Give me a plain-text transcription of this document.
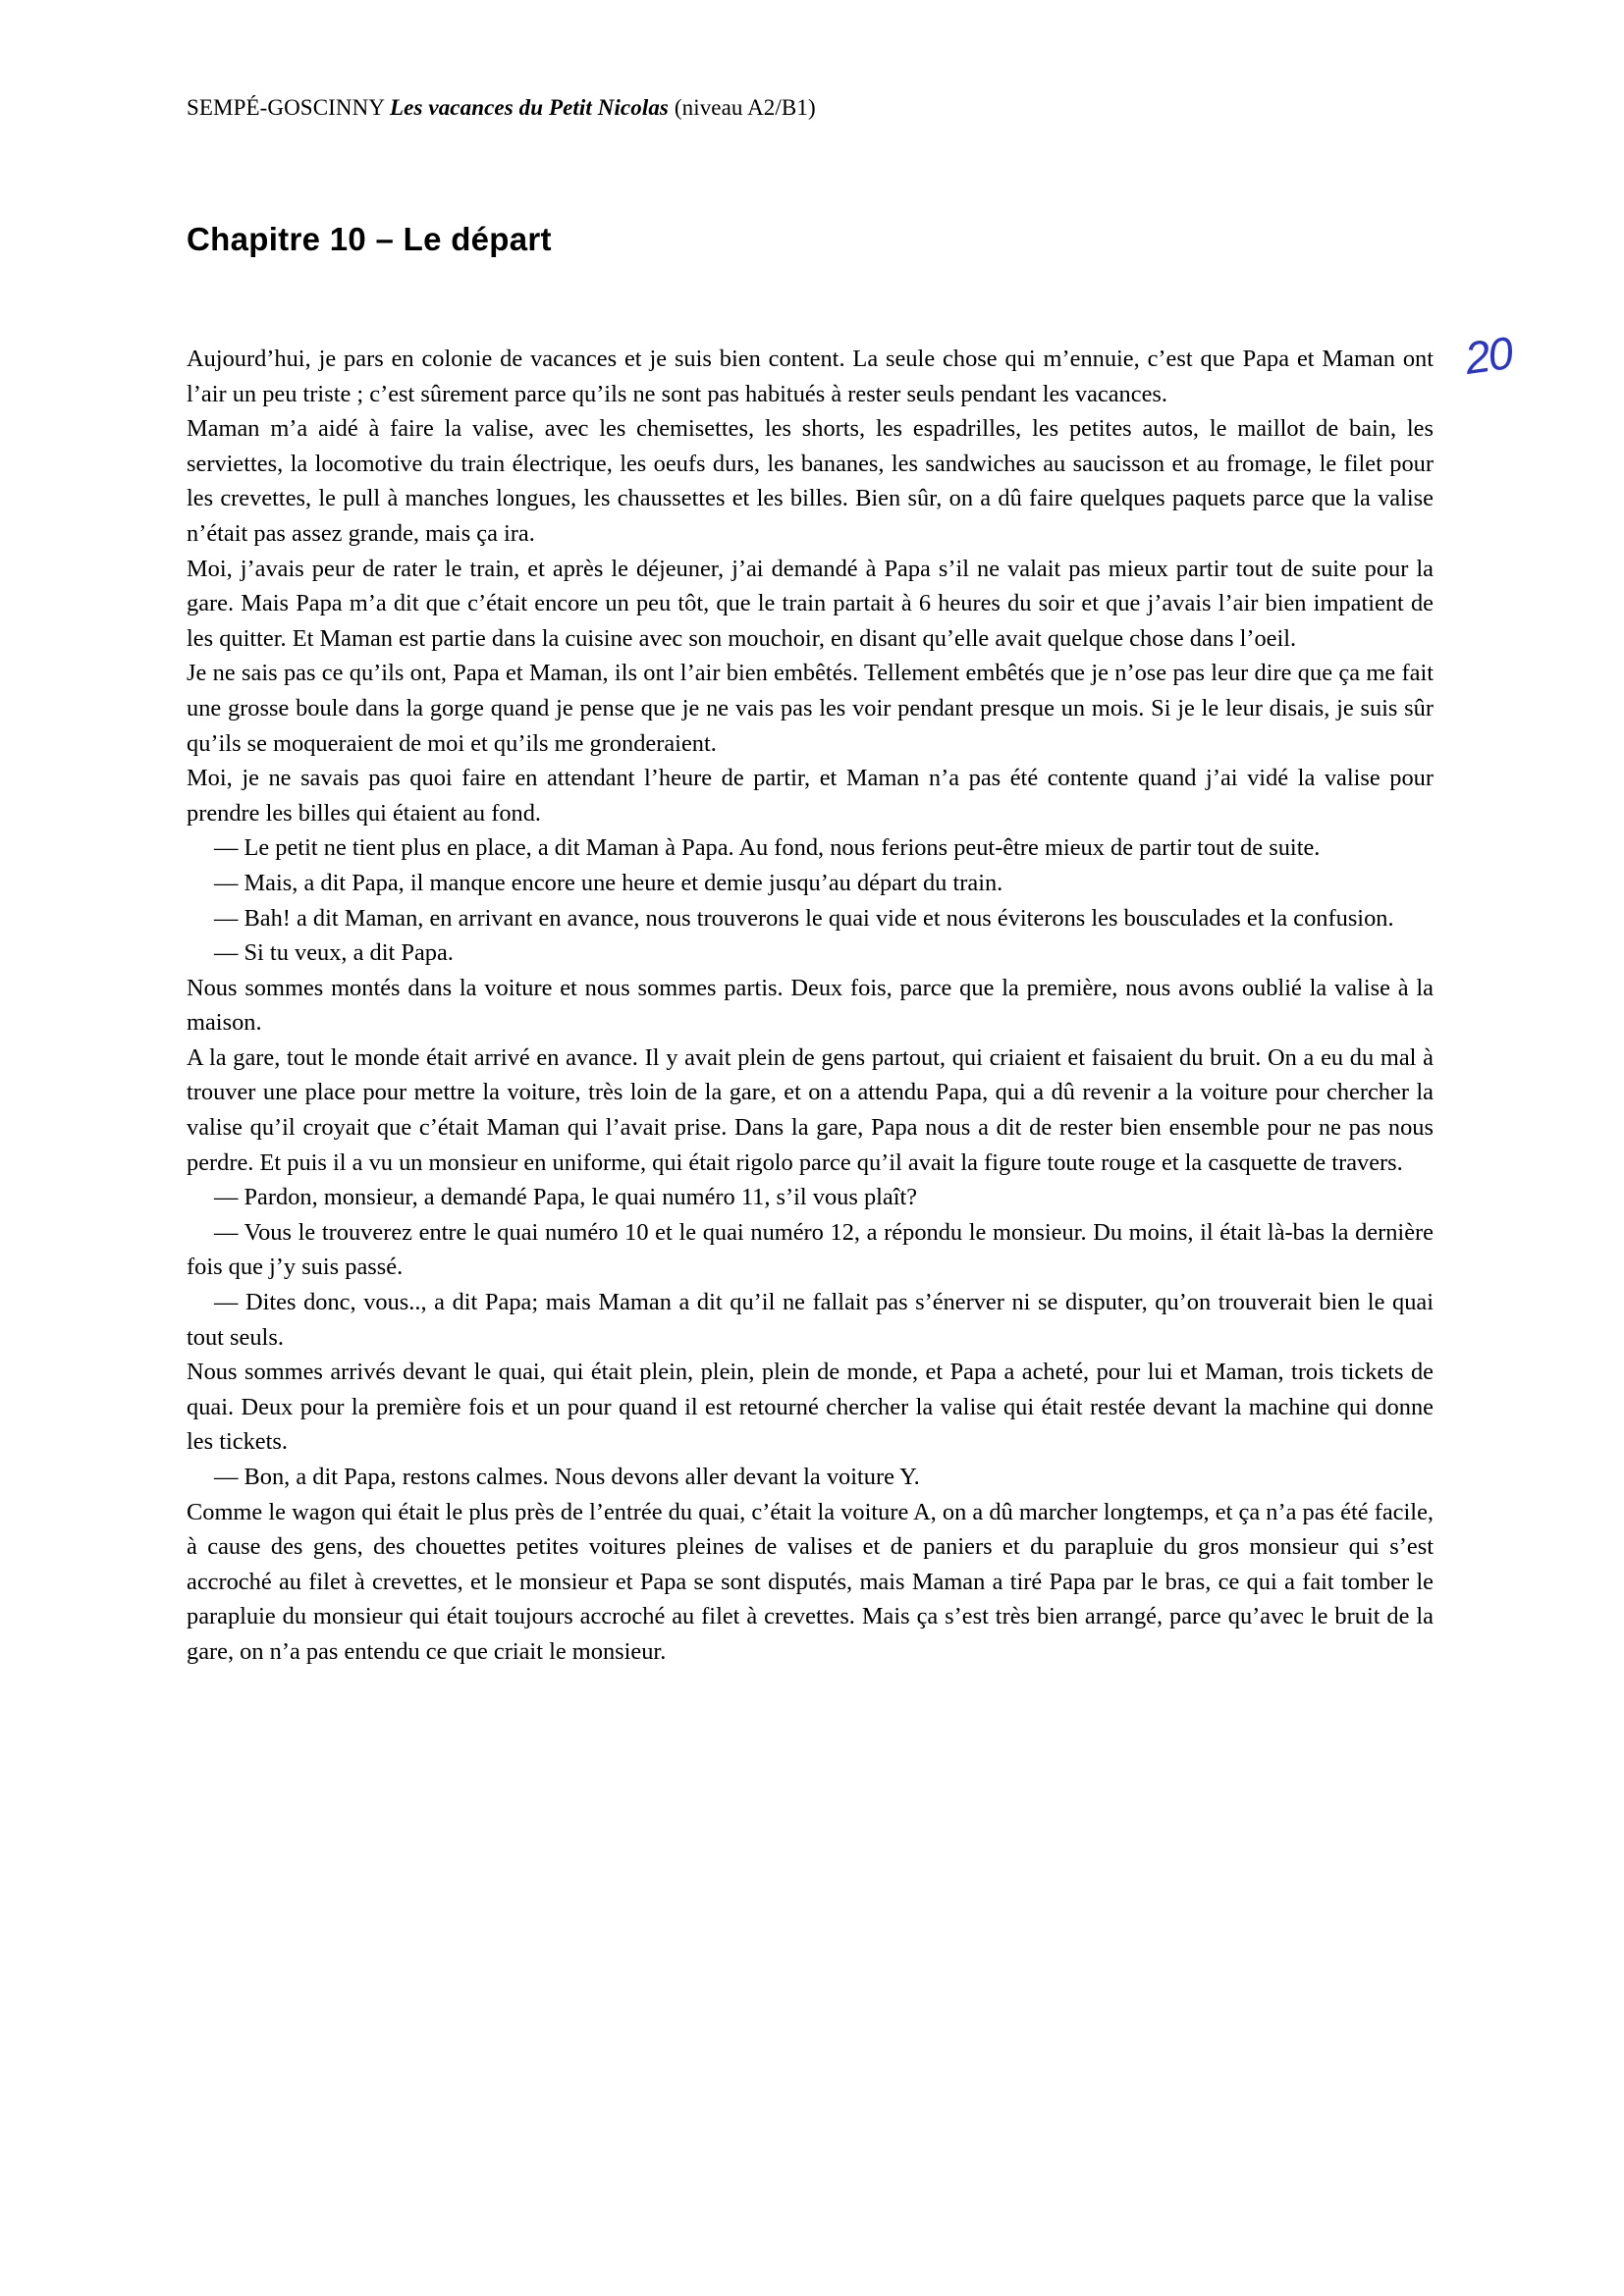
SEMPÉ-GOSCINNY Les vacances du Petit Nicolas (niveau A2/B1)
Chapitre 10 – Le départ
20

Aujourd’hui, je pars en colonie de vacances et je suis bien content. La seule chose qui m’ennuie, c’est que Papa et Maman ont l’air un peu triste ; c’est sûrement parce qu’ils ne sont pas habitués à rester seuls pendant les vacances.

Maman m’a aidé à faire la valise, avec les chemisettes, les shorts, les espadrilles, les petites autos, le maillot de bain, les serviettes, la locomotive du train électrique, les oeufs durs, les bananes, les sandwiches au saucisson et au fromage, le filet pour les crevettes, le pull à manches longues, les chaussettes et les billes. Bien sûr, on a dû faire quelques paquets parce que la valise n’était pas assez grande, mais ça ira.

Moi, j’avais peur de rater le train, et après le déjeuner, j’ai demandé à Papa s’il ne valait pas mieux partir tout de suite pour la gare. Mais Papa m’a dit que c’était encore un peu tôt, que le train partait à 6 heures du soir et que j’avais l’air bien impatient de les quitter. Et Maman est partie dans la cuisine avec son mouchoir, en disant qu’elle avait quelque chose dans l’oeil.

Je ne sais pas ce qu’ils ont, Papa et Maman, ils ont l’air bien embêtés. Tellement embêtés que je n’ose pas leur dire que ça me fait une grosse boule dans la gorge quand je pense que je ne vais pas les voir pendant presque un mois. Si je le leur disais, je suis sûr qu’ils se moqueraient de moi et qu’ils me gronderaient.

Moi, je ne savais pas quoi faire en attendant l’heure de partir, et Maman n’a pas été contente quand j’ai vidé la valise pour prendre les billes qui étaient au fond.

— Le petit ne tient plus en place, a dit Maman à Papa. Au fond, nous ferions peut-être mieux de partir tout de suite.

— Mais, a dit Papa, il manque encore une heure et demie jusqu’au départ du train.

— Bah! a dit Maman, en arrivant en avance, nous trouverons le quai vide et nous éviterons les bousculades et la confusion.

— Si tu veux, a dit Papa.

Nous sommes montés dans la voiture et nous sommes partis. Deux fois, parce que la première, nous avons oublié la valise à la maison.

A la gare, tout le monde était arrivé en avance. Il y avait plein de gens partout, qui criaient et faisaient du bruit. On a eu du mal à trouver une place pour mettre la voiture, très loin de la gare, et on a attendu Papa, qui a dû revenir a la voiture pour chercher la valise qu’il croyait que c’était Maman qui l’avait prise. Dans la gare, Papa nous a dit de rester bien ensemble pour ne pas nous perdre. Et puis il a vu un monsieur en uniforme, qui était rigolo parce qu’il avait la figure toute rouge et la casquette de travers.

— Pardon, monsieur, a demandé Papa, le quai numéro 11, s’il vous plaît?

— Vous le trouverez entre le quai numéro 10 et le quai numéro 12, a répondu le monsieur. Du moins, il était là-bas la dernière fois que j’y suis passé.

— Dites donc, vous.., a dit Papa; mais Maman a dit qu’il ne fallait pas s’énerver ni se disputer, qu’on trouverait bien le quai tout seuls.

Nous sommes arrivés devant le quai, qui était plein, plein, plein de monde, et Papa a acheté, pour lui et Maman, trois tickets de quai. Deux pour la première fois et un pour quand il est retourné chercher la valise qui était restée devant la machine qui donne les tickets.

— Bon, a dit Papa, restons calmes. Nous devons aller devant la voiture Y.

Comme le wagon qui était le plus près de l’entrée du quai, c’était la voiture A, on a dû marcher longtemps, et ça n’a pas été facile, à cause des gens, des chouettes petites voitures pleines de valises et de paniers et du parapluie du gros monsieur qui s’est accroché au filet à crevettes, et le monsieur et Papa se sont disputés, mais Maman a tiré Papa par le bras, ce qui a fait tomber le parapluie du monsieur qui était toujours accroché au filet à crevettes. Mais ça s’est très bien arrangé, parce qu’avec le bruit de la gare, on n’a pas entendu ce que criait le monsieur.
